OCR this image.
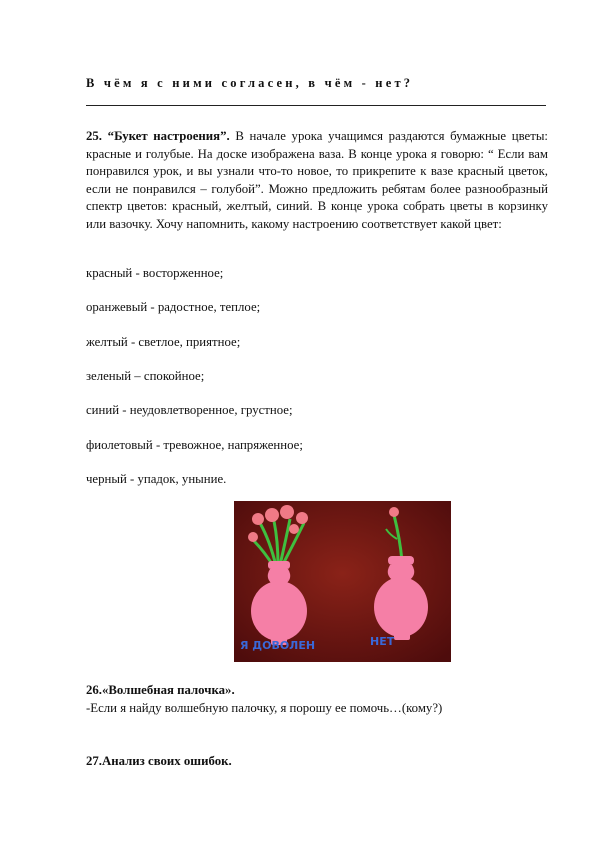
В чём я с ними согласен, в чём - нет?
25. “Букет настроения”. В начале урока учащимся раздаются бумажные цветы: красные и голубые. На доске изображена ваза. В конце урока я говорю: “ Если вам понравился урок, и вы узнали что-то новое, то прикрепите к вазе красный цветок, если не понравился – голубой”. Можно предложить ребятам более разнообразный спектр цветов: красный, желтый, синий. В конце урока собрать цветы в корзинку или вазочку. Хочу напомнить, какому настроению соответствует какой цвет:
красный - восторженное;
оранжевый - радостное, теплое;
желтый - светлое, приятное;
зеленый – спокойное;
синий - неудовлетворенное, грустное;
фиолетовый - тревожное, напряженное;
черный - упадок, уныние.
Я ДОВОЛЕН	НЕТ
26.«Волшебная палочка».
-Если я найду волшебную палочку, я порошу ее помочь…(кому?)
27.Анализ своих ошибок.
